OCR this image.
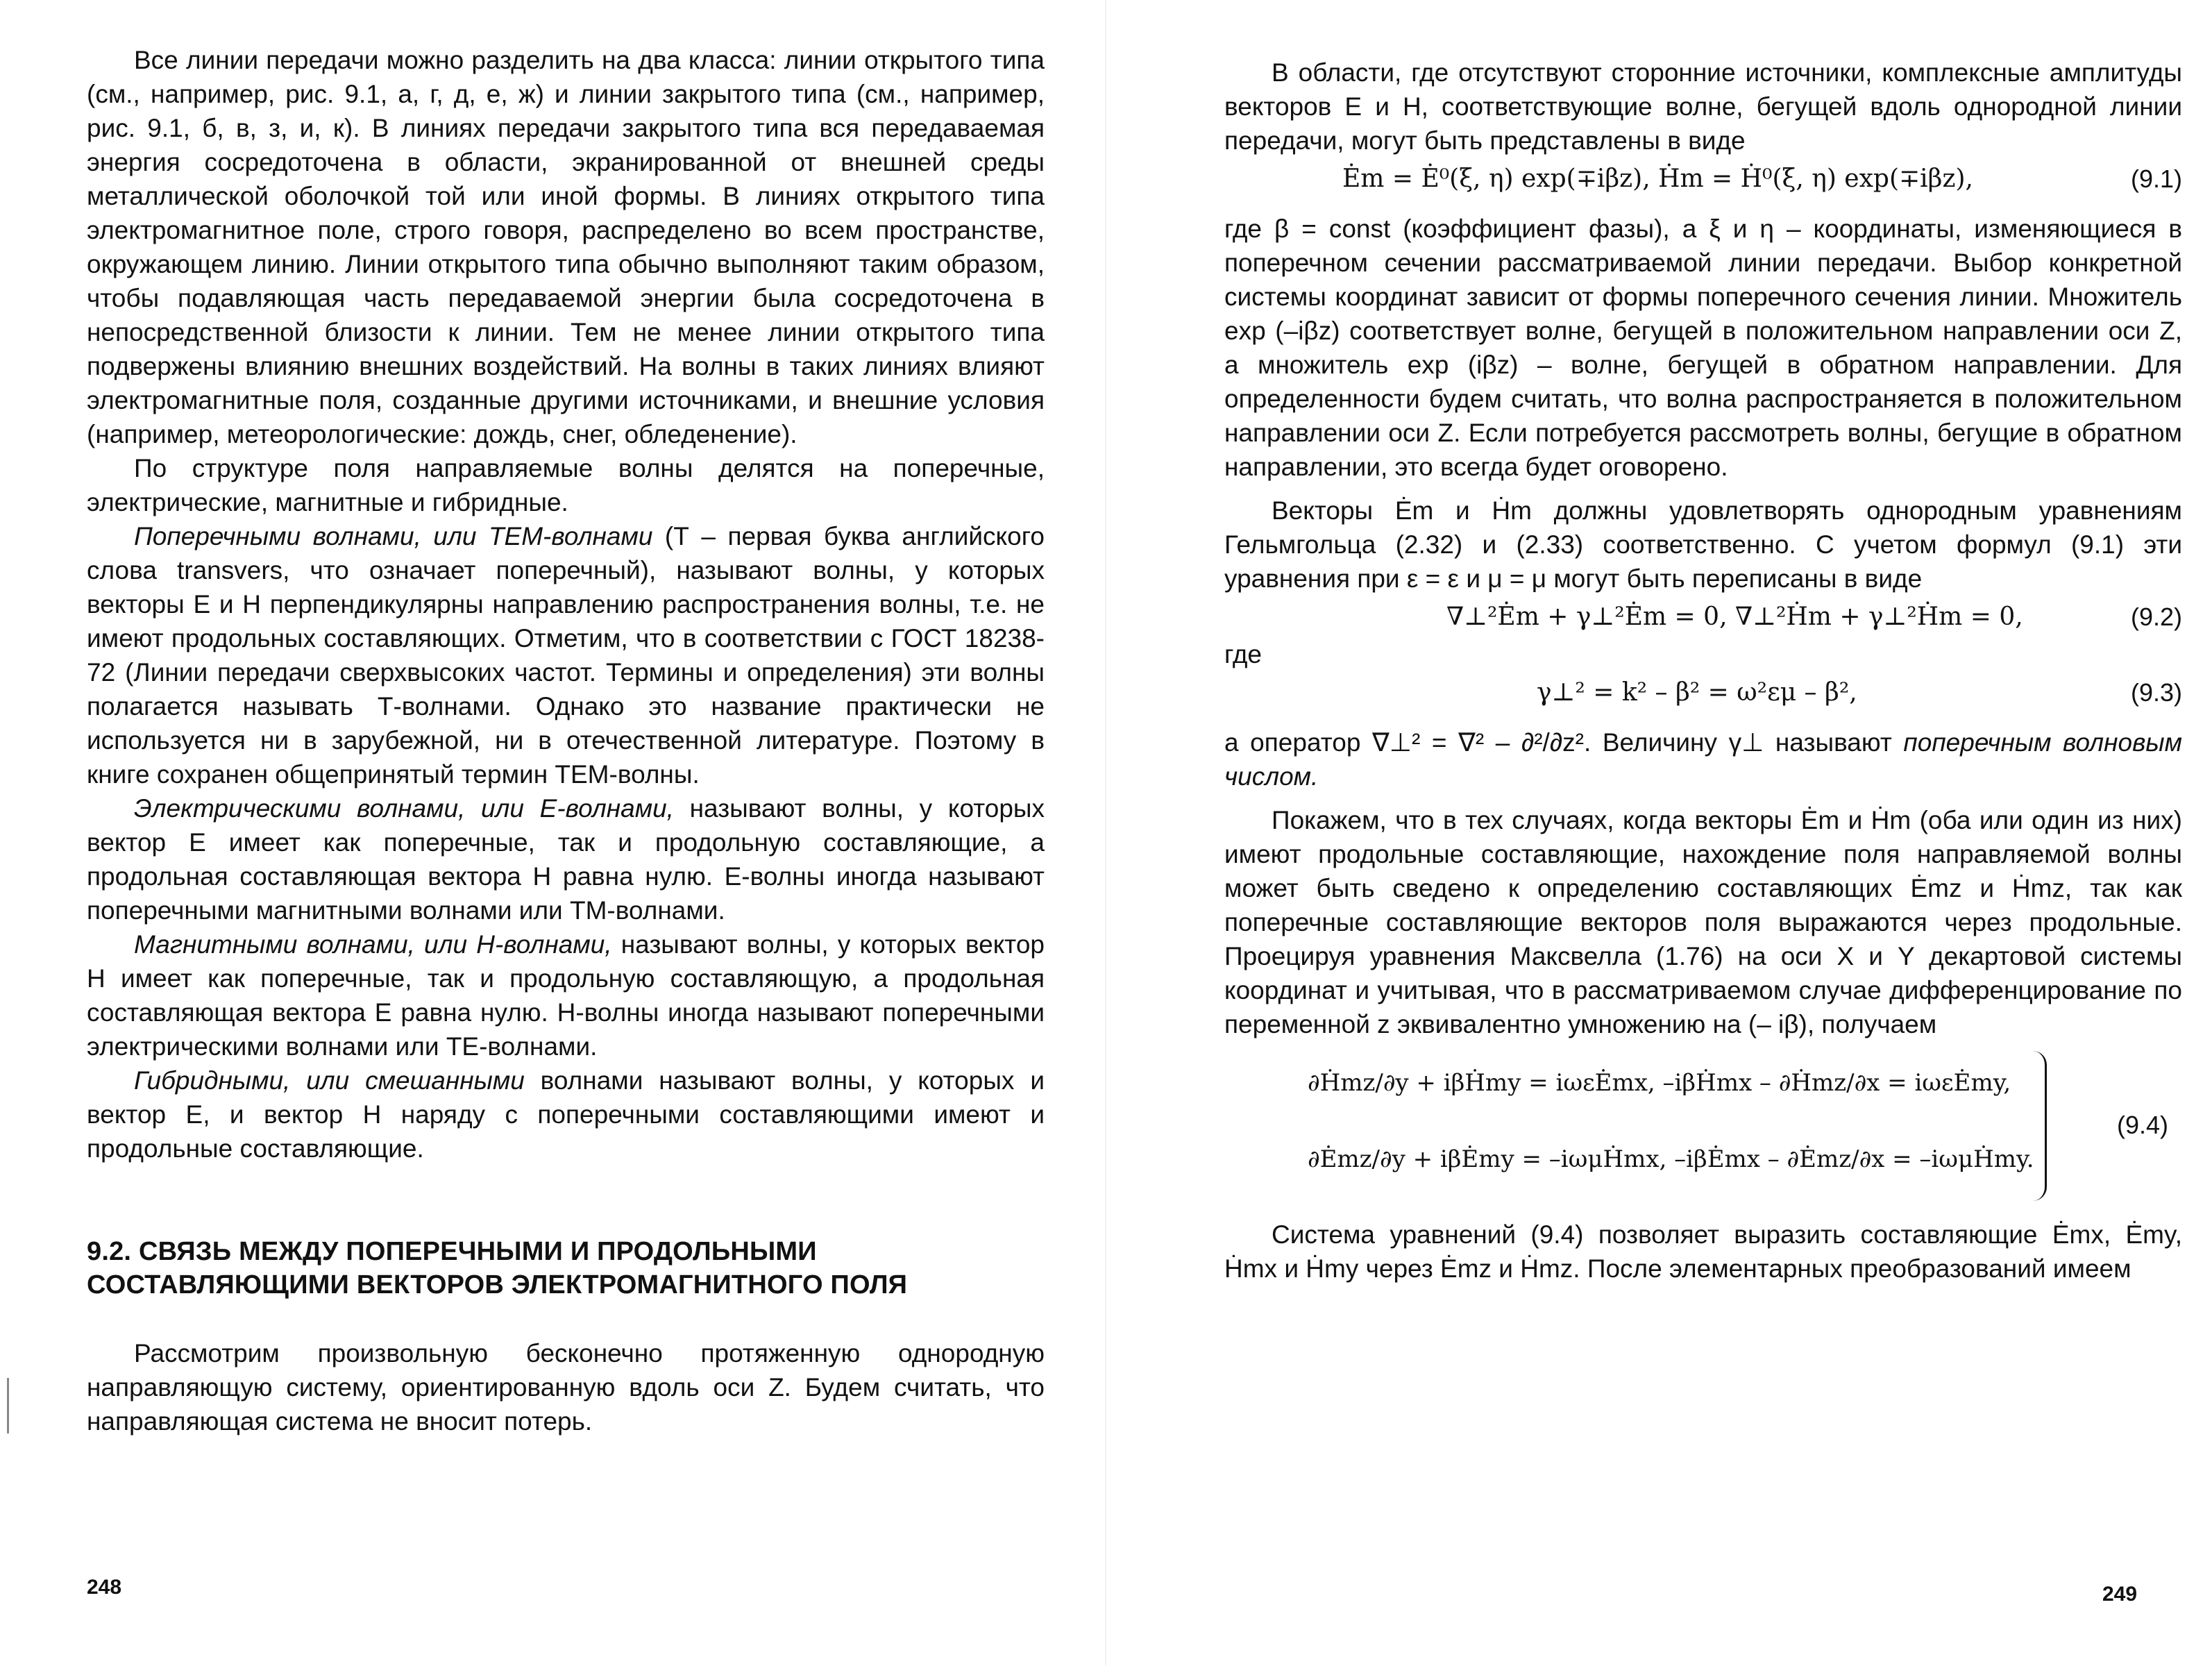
Все линии передачи можно разделить на два класса: линии открытого типа (см., например, рис. 9.1, а, г, д, е, ж) и линии закрытого типа (см., например, рис. 9.1, б, в, з, и, к). В линиях передачи закрытого типа вся передаваемая энергия сосредоточена в области, экранированной от внешней среды металлической оболочкой той или иной формы. В линиях открытого типа электромагнитное поле, строго говоря, распределено во всем пространстве, окружающем линию. Линии открытого типа обычно выполняют таким образом, чтобы подавляющая часть передаваемой энергии была сосредоточена в непосредственной близости к линии. Тем не менее линии открытого типа подвержены влиянию внешних воздействий. На волны в таких линиях влияют электромагнитные поля, созданные другими источниками, и внешние условия (например, метеорологические: дождь, снег, обледенение).

По структуре поля направляемые волны делятся на поперечные, электрические, магнитные и гибридные.

Поперечными волнами, или ТЕМ-волнами (Т – первая буква английского слова transvers, что означает поперечный), называют волны, у которых векторы E и H перпендикулярны направлению распространения волны, т.е. не имеют продольных составляющих. Отметим, что в соответствии с ГОСТ 18238-72 (Линии передачи сверхвысоких частот. Термины и определения) эти волны полагается называть Т-волнами. Однако это название практически не используется ни в зарубежной, ни в отечественной литературе. Поэтому в книге сохранен общепринятый термин ТЕМ-волны.

Электрическими волнами, или Е-волнами, называют волны, у которых вектор E имеет как поперечные, так и продольную составляющие, а продольная составляющая вектора H равна нулю. Е-волны иногда называют поперечными магнитными волнами или ТМ-волнами.

Магнитными волнами, или Н-волнами, называют волны, у которых вектор H имеет как поперечные, так и продольную составляющую, а продольная составляющая вектора E равна нулю. Н-волны иногда называют поперечными электрическими волнами или ТЕ-волнами.

Гибридными, или смешанными волнами называют волны, у которых и вектор E, и вектор H наряду с поперечными составляющими имеют и продольные составляющие.

9.2. СВЯЗЬ МЕЖДУ ПОПЕРЕЧНЫМИ И ПРОДОЛЬНЫМИ
СОСТАВЛЯЮЩИМИ ВЕКТОРОВ ЭЛЕКТРОМАГНИТНОГО ПОЛЯ

Рассмотрим произвольную бесконечно протяженную однородную направляющую систему, ориентированную вдоль оси Z. Будем считать, что направляющая система не вносит потерь.

248

В области, где отсутствуют сторонние источники, комплексные амплитуды векторов E и H, соответствующие волне, бегущей вдоль однородной линии передачи, могут быть представлены в виде

Ėm = Ė⁰(ξ, η) exp(∓iβz), Ḣm = Ḣ⁰(ξ, η) exp(∓iβz),	(9.1)

где β = const (коэффициент фазы), а ξ и η – координаты, изменяющиеся в поперечном сечении рассматриваемой линии передачи. Выбор конкретной системы координат зависит от формы поперечного сечения линии. Множитель exp (–iβz) соответствует волне, бегущей в положительном направлении оси Z, а множитель exp (iβz) – волне, бегущей в обратном направлении. Для определенности будем считать, что волна распространяется в положительном направлении оси Z. Если потребуется рассмотреть волны, бегущие в обратном направлении, это всегда будет оговорено.

Векторы Ėm и Ḣm должны удовлетворять однородным уравнениям Гельмгольца (2.32) и (2.33) соответственно. С учетом формул (9.1) эти уравнения при ε = ε и μ = μ могут быть переписаны в виде

∇⊥²Ėm + γ⊥²Ėm = 0, ∇⊥²Ḣm + γ⊥²Ḣm = 0,	(9.2)

где

γ⊥² = k² – β² = ω²εμ – β²,	(9.3)

а оператор ∇⊥² = ∇² – ∂²/∂z². Величину γ⊥ называют поперечным волновым числом.

Покажем, что в тех случаях, когда векторы Ėm и Ḣm (оба или один из них) имеют продольные составляющие, нахождение поля направляемой волны может быть сведено к определению составляющих Ėmz и Ḣmz, так как поперечные составляющие векторов поля выражаются через продольные. Проецируя уравнения Максвелла (1.76) на оси X и Y декартовой системы координат и учитывая, что в рассматриваемом случае дифференцирование по переменной z эквивалентно умножению на (– iβ), получаем

∂Ḣmz/∂y + iβḢmy = iωεĖmx, –iβḢmx – ∂Ḣmz/∂x = iωεĖmy,
∂Ėmz/∂y + iβĖmy = –iωμḢmx, –iβĖmx – ∂Ėmz/∂x = –iωμḢmy.
(9.4)

Система уравнений (9.4) позволяет выразить составляющие Ėmx, Ėmy, Ḣmx и Ḣmy через Ėmz и Ḣmz. После элементарных преобразований имеем

249
